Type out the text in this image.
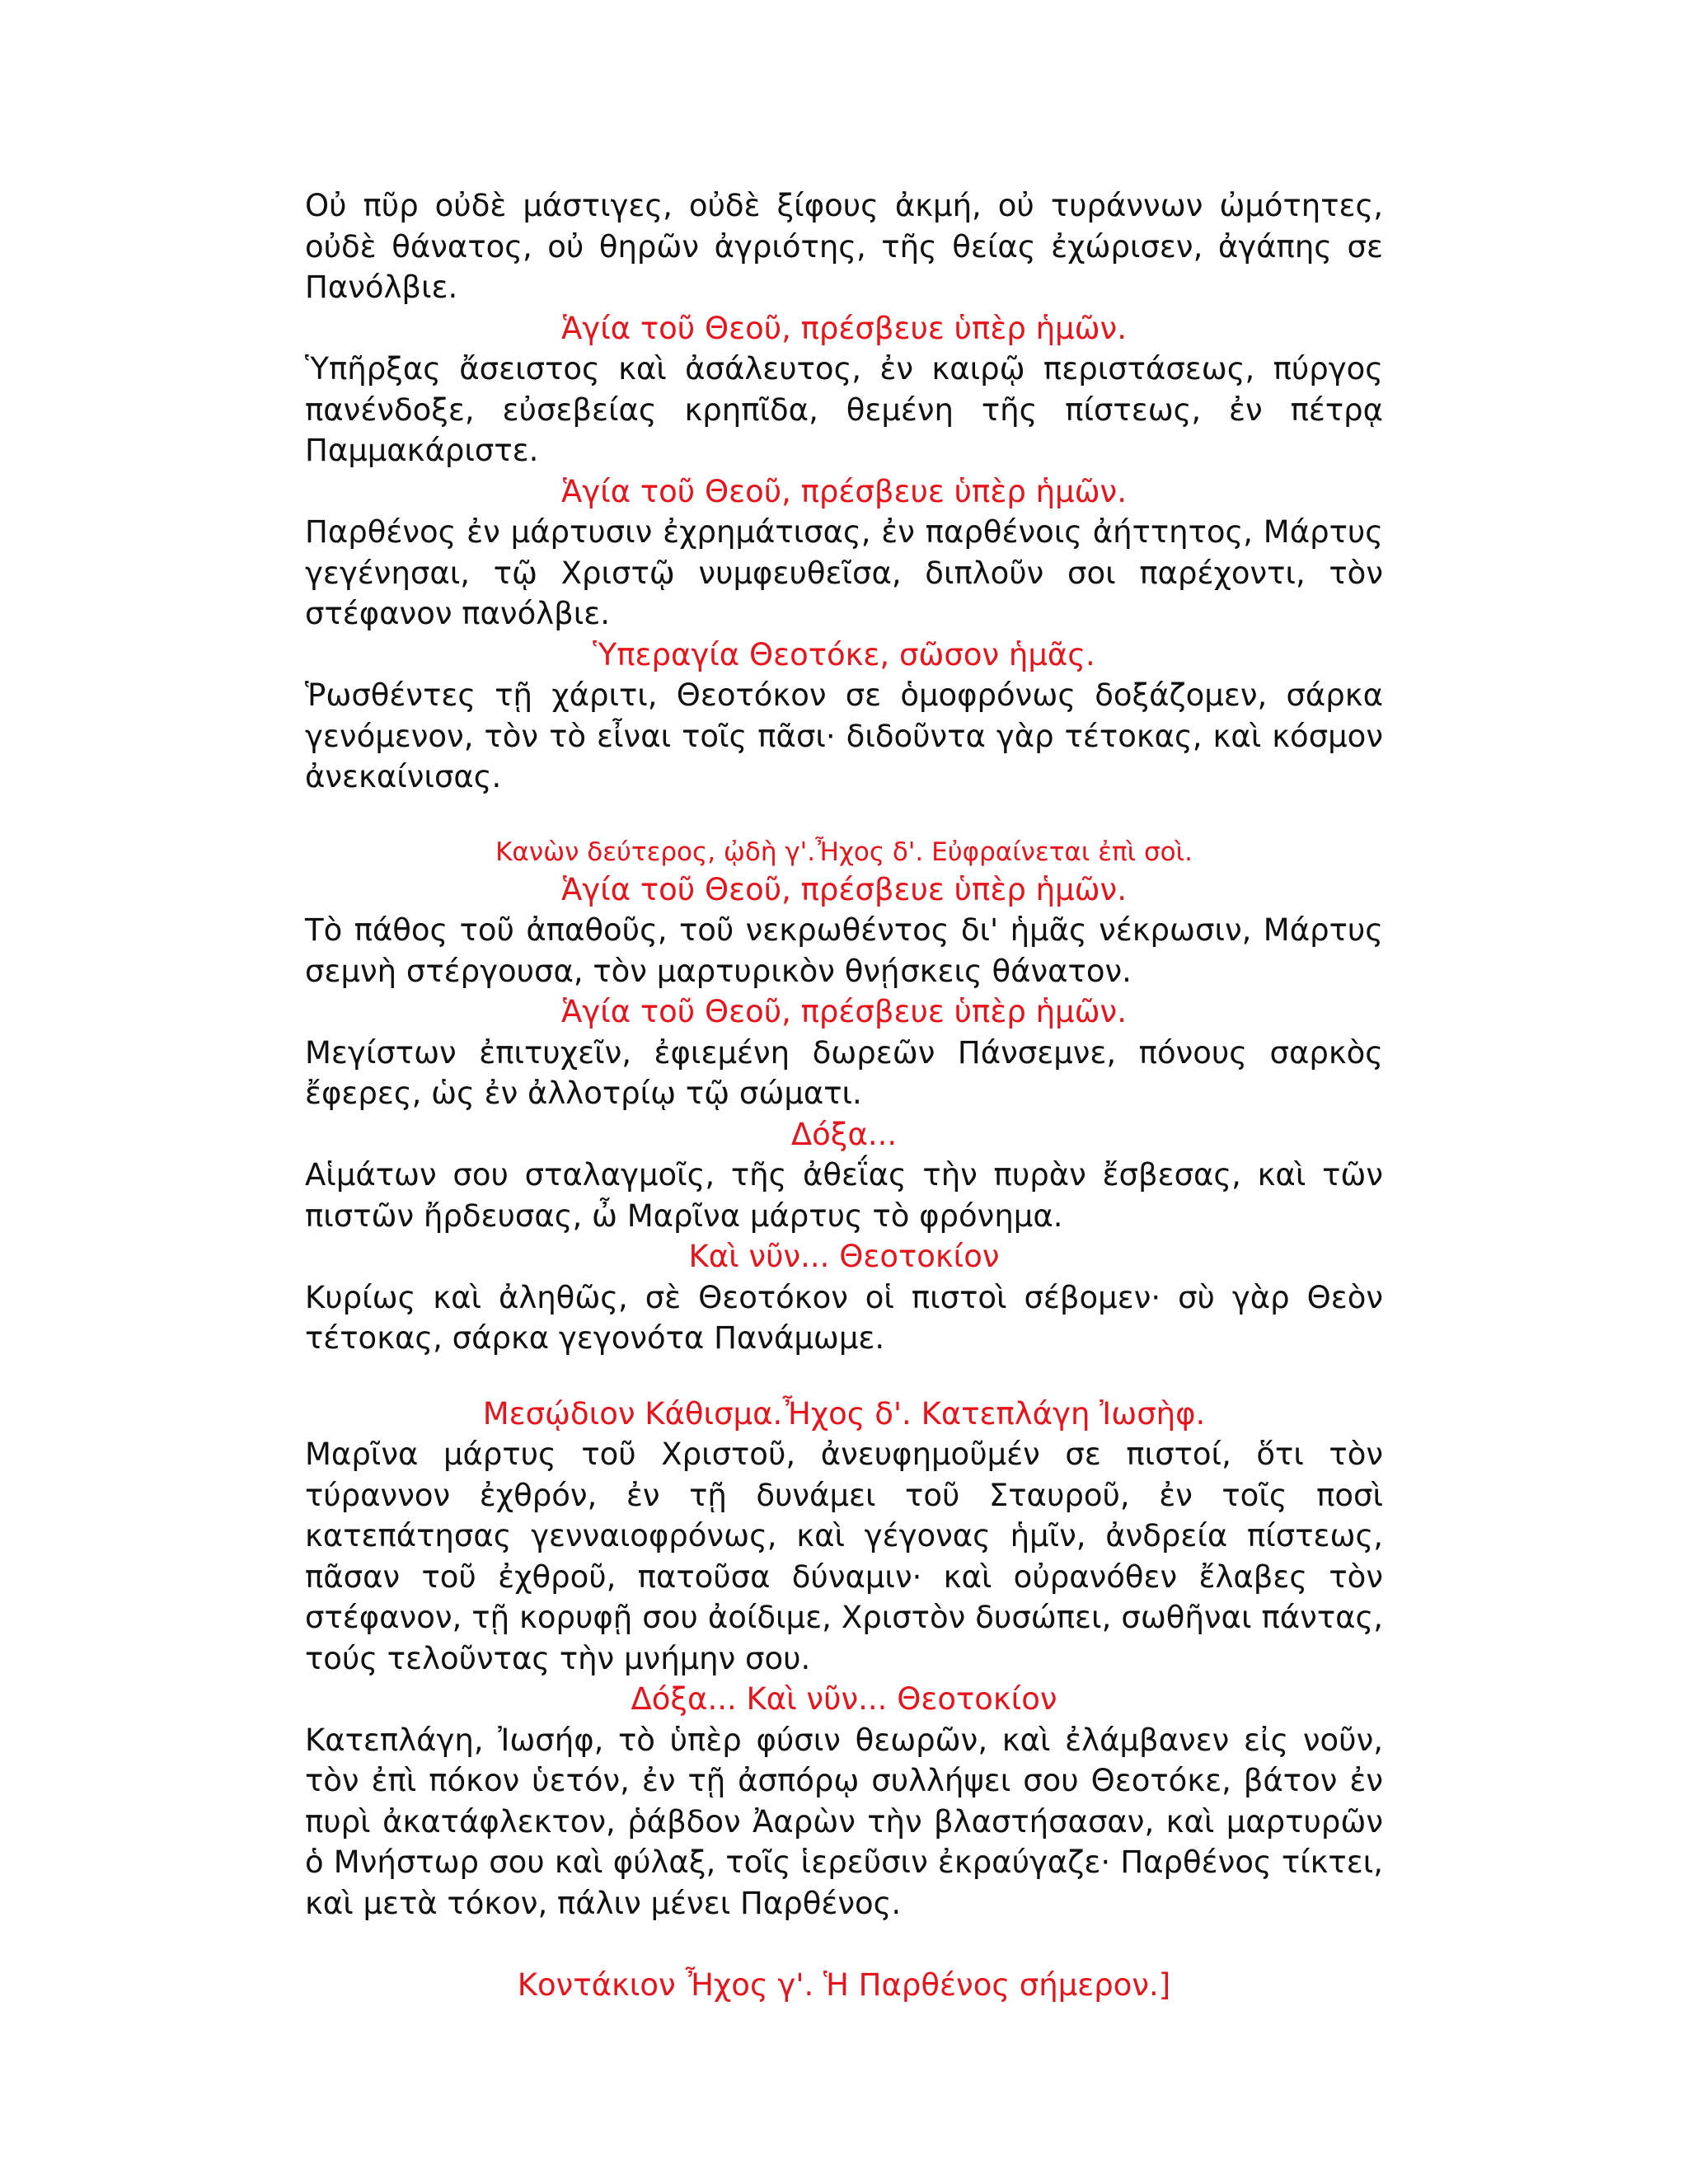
Οὐ πῦρ οὐδὲ μάστιγες, οὐδὲ ξίφους ἀκμή, οὐ τυράννων ὠμότητες, οὐδὲ θάνατος, οὐ θηρῶν ἀγριότης, τῆς θείας ἐχώρισεν, ἀγάπης σε Πανόλβιε.

Ἁγία τοῦ Θεοῦ, πρέσβευε ὑπὲρ ἡμῶν.

Ὑπῆρξας ἄσειστος καὶ ἀσάλευτος, ἐν καιρῷ περιστάσεως, πύργος πανένδοξε, εὐσεβείας κρηπῖδα, θεμένη τῆς πίστεως, ἐν πέτρᾳ Παμμακάριστε.

Ἁγία τοῦ Θεοῦ, πρέσβευε ὑπὲρ ἡμῶν.

Παρθένος ἐν μάρτυσιν ἐχρημάτισας, ἐν παρθένοις ἀήττητος, Μάρτυς γεγένησαι, τῷ Χριστῷ νυμφευθεῖσα, διπλοῦν σοι παρέχοντι, τὸν στέφανον πανόλβιε.

Ὑπεραγία Θεοτόκε, σῶσον ἡμᾶς.

Ῥωσθέντες τῇ χάριτι, Θεοτόκον σε ὁμοφρόνως δοξάζομεν, σάρκα γενόμενον, τὸν τὸ εἶναι τοῖς πᾶσι· διδοῦντα γὰρ τέτοκας, καὶ κόσμον ἀνεκαίνισας.

Κανὼν δεύτερος, ᾠδὴ γ'.Ἦχος δ'. Εὐφραίνεται ἐπὶ σοὶ.

Ἁγία τοῦ Θεοῦ, πρέσβευε ὑπὲρ ἡμῶν.

Τὸ πάθος τοῦ ἀπαθοῦς, τοῦ νεκρωθέντος δι' ἡμᾶς νέκρωσιν, Μάρτυς σεμνὴ στέργουσα, τὸν μαρτυρικὸν θνῄσκεις θάνατον.

Ἁγία τοῦ Θεοῦ, πρέσβευε ὑπὲρ ἡμῶν.

Μεγίστων ἐπιτυχεῖν, ἐφιεμένη δωρεῶν Πάνσεμνε, πόνους σαρκὸς ἔφερες, ὡς ἐν ἀλλοτρίῳ τῷ σώματι.

Δόξα...

Αἱμάτων σου σταλαγμοῖς, τῆς ἀθεΐας τὴν πυρὰν ἔσβεσας, καὶ τῶν πιστῶν ἤρδευσας, ὦ Μαρῖνα μάρτυς τὸ φρόνημα.

Καὶ νῦν... Θεοτοκίον

Κυρίως καὶ ἀληθῶς, σὲ Θεοτόκον οἱ πιστοὶ σέβομεν· σὺ γὰρ Θεὸν τέτοκας, σάρκα γεγονότα Πανάμωμε.

Μεσῴδιον Κάθισμα.Ἦχος δ'. Κατεπλάγη Ἰωσὴφ.

Μαρῖνα μάρτυς τοῦ Χριστοῦ, ἀνευφημοῦμέν σε πιστοί, ὅτι τὸν τύραννον ἐχθρόν, ἐν τῇ δυνάμει τοῦ Σταυροῦ, ἐν τοῖς ποσὶ κατεπάτησας γενναιοφρόνως, καὶ γέγονας ἡμῖν, ἀνδρεία πίστεως, πᾶσαν τοῦ ἐχθροῦ, πατοῦσα δύναμιν· καὶ οὐρανόθεν ἔλαβες τὸν στέφανον, τῇ κορυφῇ σου ἀοίδιμε, Χριστὸν δυσώπει, σωθῆναι πάντας, τούς τελοῦντας τὴν μνήμην σου.

Δόξα... Καὶ νῦν... Θεοτοκίον

Κατεπλάγη, Ἰωσήφ, τὸ ὑπὲρ φύσιν θεωρῶν, καὶ ἐλάμβανεν εἰς νοῦν, τὸν ἐπὶ πόκον ὑετόν, ἐν τῇ ἀσπόρῳ συλλήψει σου Θεοτόκε, βάτον ἐν πυρὶ ἀκατάφλεκτον, ῥάβδον Ἀαρὼν τὴν βλαστήσασαν, καὶ μαρτυρῶν ὁ Μνήστωρ σου καὶ φύλαξ, τοῖς ἱερεῦσιν ἐκραύγαζε· Παρθένος τίκτει, καὶ μετὰ τόκον, πάλιν μένει Παρθένος.

Κοντάκιον Ἦχος γ'. Ἡ Παρθένος σήμερον.]
